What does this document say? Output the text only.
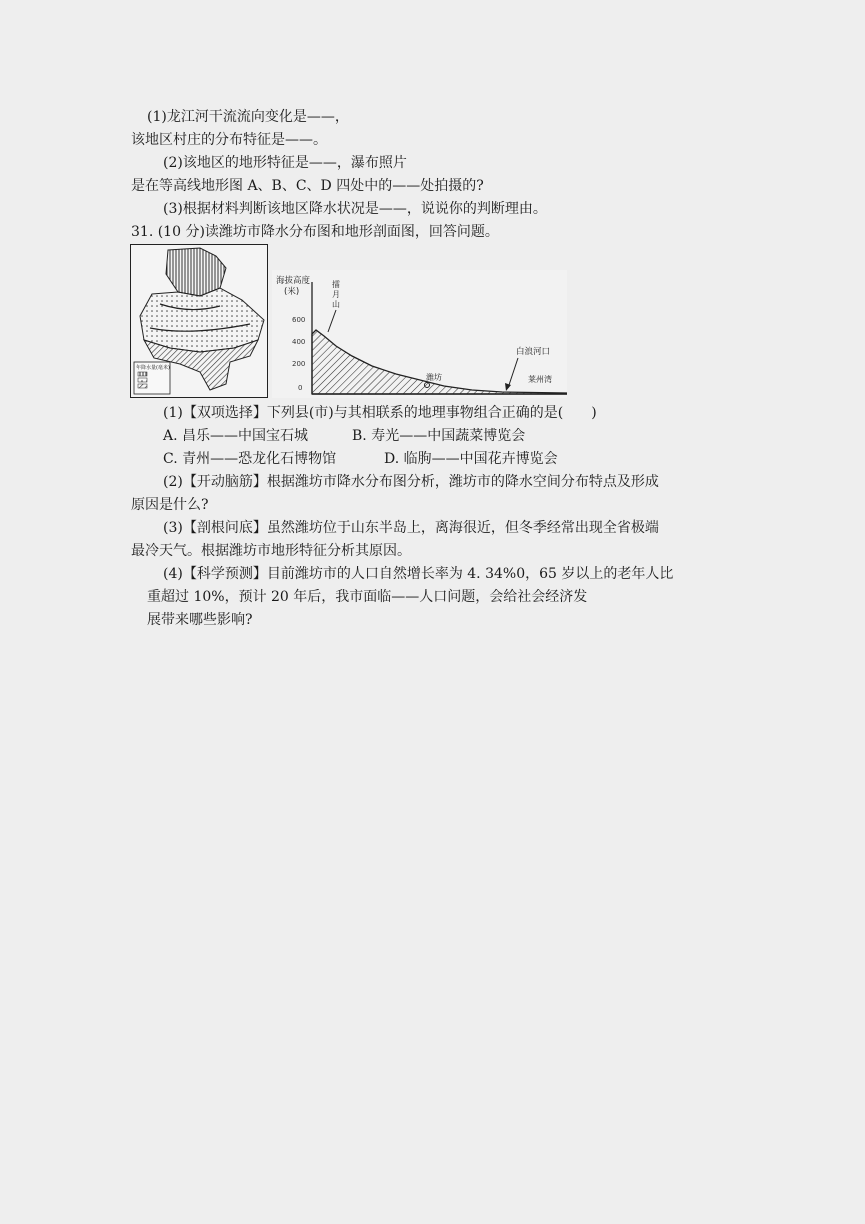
(1)龙江河干流流向变化是——，
该地区村庄的分布特征是——。
(2)该地区的地形特征是——，瀑布照片
是在等高线地形图 A、B、C、D 四处中的——处拍摄的?
(3)根据材料判断该地区降水状况是——，说说你的判断理由。
31. (10 分)读潍坊市降水分布图和地形剖面图，回答问题。
年降水量(毫米)
海拔高度
(米)
600
400
200
0
擂
月
山
潍坊
白浪河口
莱州湾
(1)【双项选择】下列县(市)与其相联系的地理事物组合正确的是(　　)
A. 昌乐——中国宝石城	B. 寿光——中国蔬菜博览会
C. 青州——恐龙化石博物馆	D. 临朐——中国花卉博览会
(2)【开动脑筋】根据潍坊市降水分布图分析，潍坊市的降水空间分布特点及形成
原因是什么?
(3)【剖根问底】虽然潍坊位于山东半岛上，离海很近，但冬季经常出现全省极端
最冷天气。根据潍坊市地形特征分析其原因。
(4)【科学预测】目前潍坊市的人口自然增长率为 4. 34%0，65 岁以上的老年人比
重超过 10%，预计 20 年后，我市面临——人口问题，会给社会经济发
展带来哪些影响?
